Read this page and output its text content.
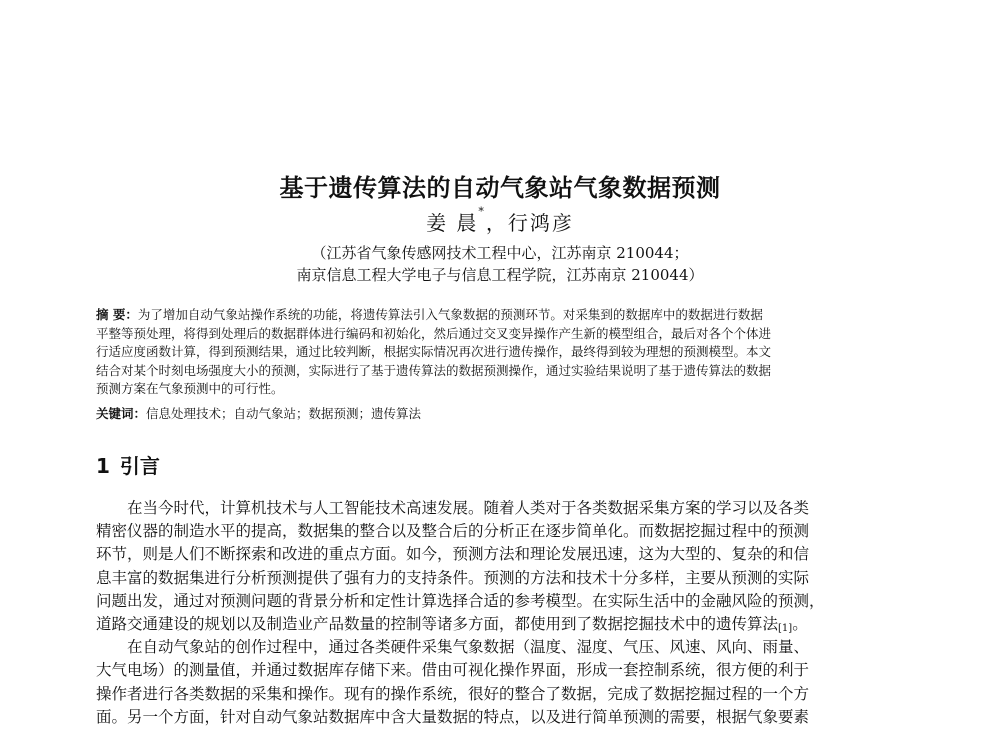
基于遗传算法的自动气象站气象数据预测
姜 晨*，行鸿彦
（江苏省气象传感网技术工程中心，江苏南京 210044；
南京信息工程大学电子与信息工程学院，江苏南京 210044）
摘 要：为了增加自动气象站操作系统的功能，将遗传算法引入气象数据的预测环节。对采集到的数据库中的数据进行数据
平整等预处理，将得到处理后的数据群体进行编码和初始化，然后通过交叉变异操作产生新的模型组合，最后对各个个体进
行适应度函数计算，得到预测结果，通过比较判断，根据实际情况再次进行遗传操作，最终得到较为理想的预测模型。本文
结合对某个时刻电场强度大小的预测，实际进行了基于遗传算法的数据预测操作，通过实验结果说明了基于遗传算法的数据
预测方案在气象预测中的可行性。
关键词：信息处理技术；自动气象站；数据预测；遗传算法
1 引言
在当今时代，计算机技术与人工智能技术高速发展。随着人类对于各类数据采集方案的学习以及各类
精密仪器的制造水平的提高，数据集的整合以及整合后的分析正在逐步简单化。而数据挖掘过程中的预测
环节，则是人们不断探索和改进的重点方面。如今，预测方法和理论发展迅速，这为大型的、复杂的和信
息丰富的数据集进行分析预测提供了强有力的支持条件。预测的方法和技术十分多样，主要从预测的实际
问题出发，通过对预测问题的背景分析和定性计算选择合适的参考模型。在实际生活中的金融风险的预测，
道路交通建设的规划以及制造业产品数量的控制等诸多方面，都使用到了数据挖掘技术中的遗传算法[1]。
在自动气象站的创作过程中，通过各类硬件采集气象数据（温度、湿度、气压、风速、风向、雨量、
大气电场）的测量值，并通过数据库存储下来。借由可视化操作界面，形成一套控制系统，很方便的利于
操作者进行各类数据的采集和操作。现有的操作系统，很好的整合了数据，完成了数据挖掘过程的一个方
面。另一个方面，针对自动气象站数据库中含大量数据的特点，以及进行简单预测的需要，根据气象要素
